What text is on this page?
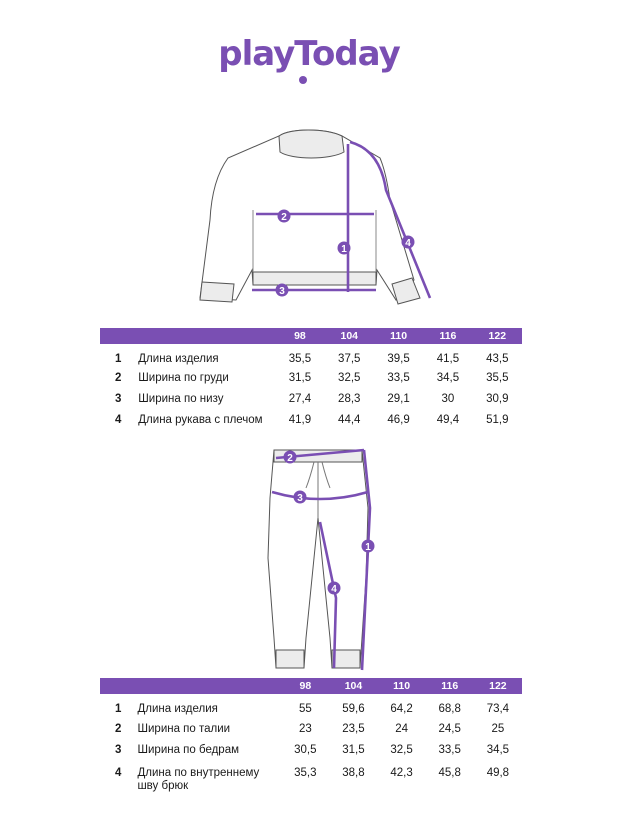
playToday
1
2
3
4
		98	104	110	116	122
1	Длина изделия	35,5	37,5	39,5	41,5	43,5
2	Ширина по груди	31,5	32,5	33,5	34,5	35,5
3	Ширина по низу	27,4	28,3	29,1	30	30,9
4	Длина рукава с плечом	41,9	44,4	46,9	49,4	51,9
1
2
3
4
		98	104	110	116	122
1	Длина изделия	55	59,6	64,2	68,8	73,4
2	Ширина по талии	23	23,5	24	24,5	25
3	Ширина по бедрам	30,5	31,5	32,5	33,5	34,5
4	Длина по внутреннему шву брюк	35,3	38,8	42,3	45,8	49,8
